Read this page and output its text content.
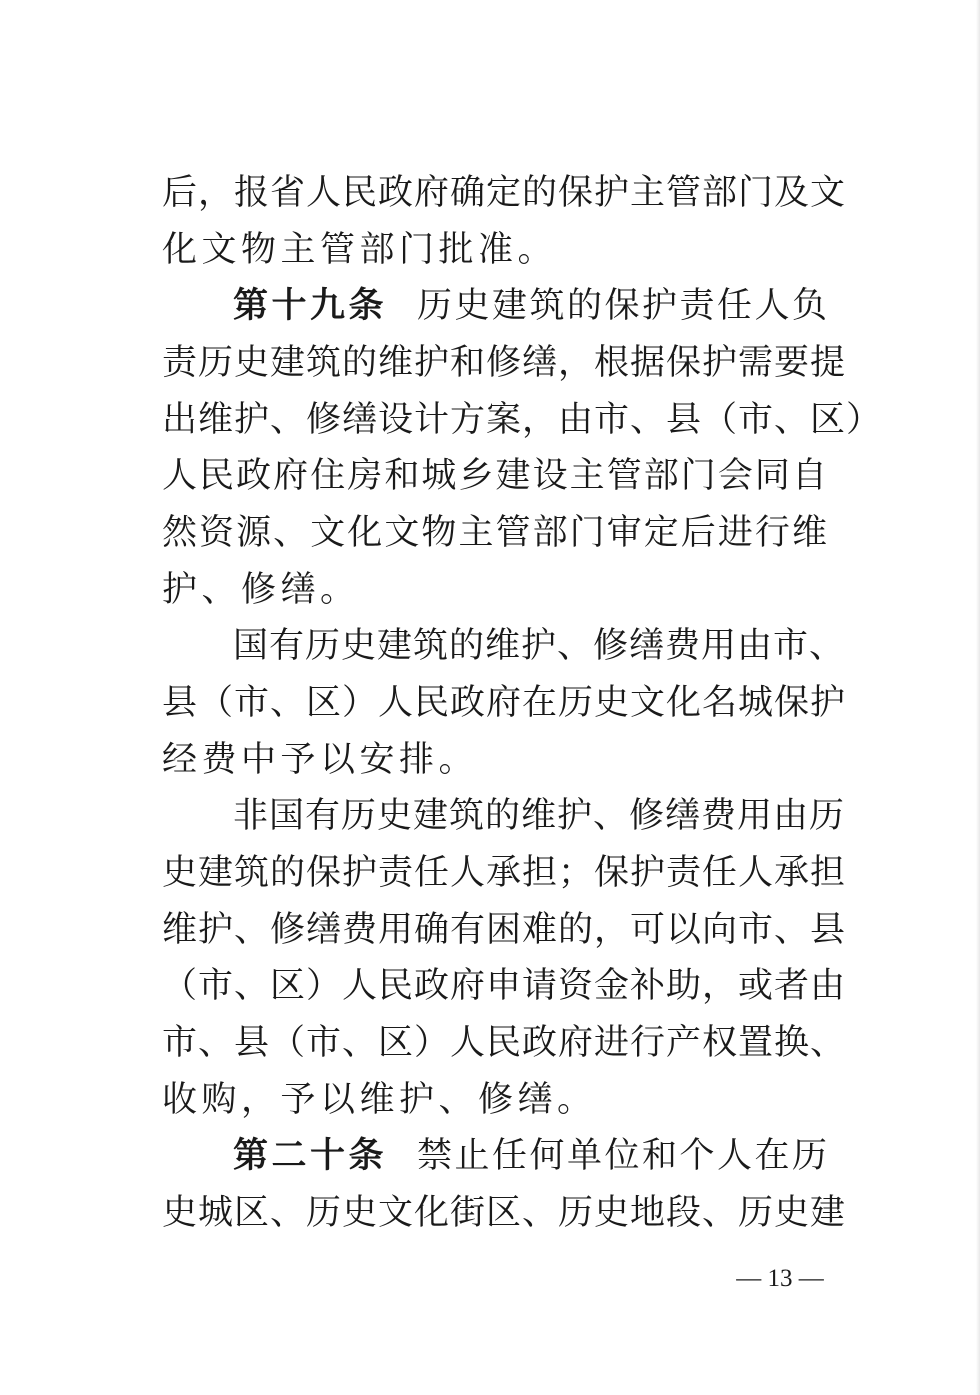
后，报省人民政府确定的保护主管部门及文
化文物主管部门批准。
第十九条 历史建筑的保护责任人负
责历史建筑的维护和修缮，根据保护需要提
出维护、修缮设计方案，由市、县（市、区）
人民政府住房和城乡建设主管部门会同自
然资源、文化文物主管部门审定后进行维
护、修缮。
国有历史建筑的维护、修缮费用由市、
县（市、区）人民政府在历史文化名城保护
经费中予以安排。
非国有历史建筑的维护、修缮费用由历
史建筑的保护责任人承担；保护责任人承担
维护、修缮费用确有困难的，可以向市、县
（市、区）人民政府申请资金补助，或者由
市、县（市、区）人民政府进行产权置换、
收购，予以维护、修缮。
第二十条 禁止任何单位和个人在历
史城区、历史文化街区、历史地段、历史建
— 13 —
